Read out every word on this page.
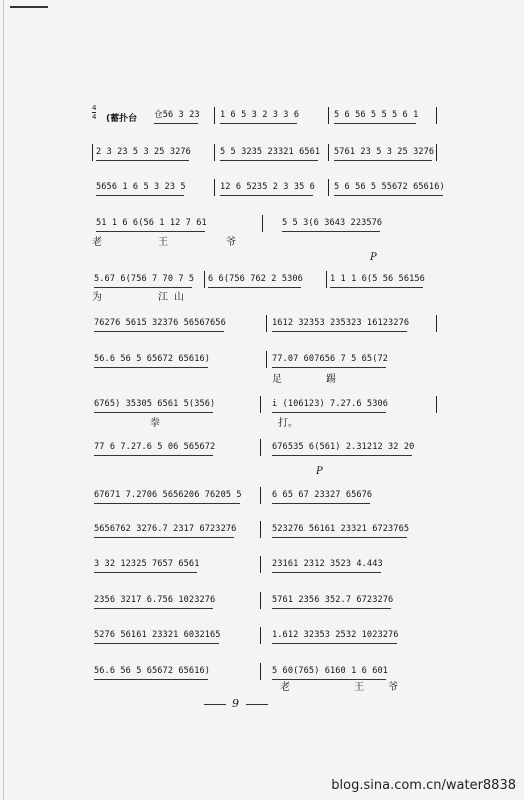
4
4 (蓄扑台 仓56 3 23 1 6 5 3 2 3 3 6	5 6 56 5 5 5 6 1
2 3 23 5 3 25 3276	5 5 3235 23321 6561 5761 23 5 3 25 3276
5656 1 6 5 3 23 5	12 6 5235 2 3 35 6 5 6 56 5 55672 65616)
51 1 6 6(56 1 12 7 61	5 5 3(6 3643 223576
老	王	爷
P
5.67 6(756 7 70 7 5 6 6(756 762 2 5306	1 1 1 6(5 56 56156
为	江 山
76276 5615 32376 56567656	1612 32353 235323 16123276
56.6 56 5 65672 65616)	77.07 607656 7 5 65(72
足	踢
6765) 35305 6561 5(356)	i (106123) 7.27.6 5306
拳	打。
77 6 7.27.6 5 06 565672	676535 6(561) 2.31212 32 20
P
67671 7.2706 5656206 76205 5	6 65 67 23327 65676
5656762 3276.7 2317 6723276	523276 56161 23321 6723765
3 32 12325 7657 6561	23161 2312 3523 4.443
2356 3217 6.756 1023276	5761 2356 352.7 6723276
5276 56161 23321 6032165	1.612 32353 2532 1023276
56.6 56 5 65672 65616)	5 60(765) 6160 1 6 601
老	王 爷
9
blog.sina.com.cn/water8838
